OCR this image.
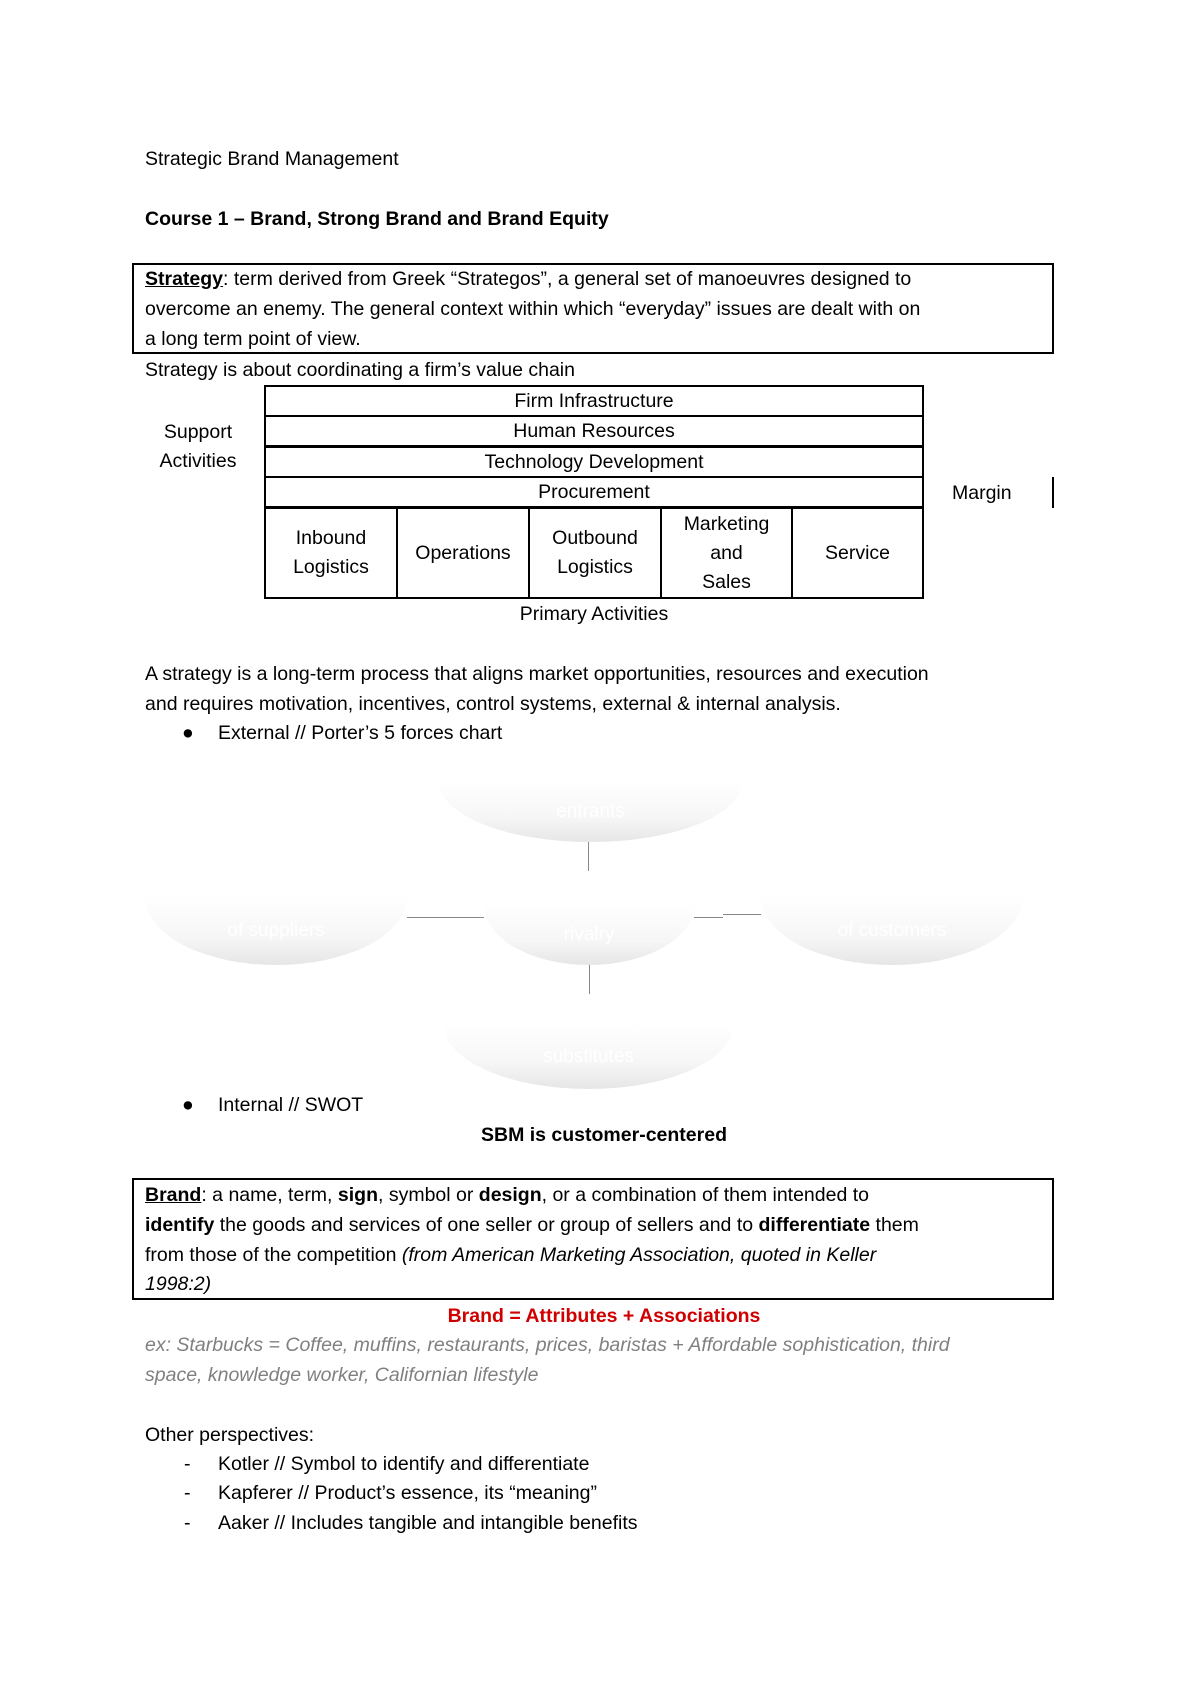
Strategic Brand Management
Course 1 – Brand, Strong Brand and Brand Equity
Strategy: term derived from Greek “Strategos”, a general set of manoeuvres designed to
overcome an enemy. The general context within which “everyday” issues are dealt with on
a long term point of view.
Strategy is about coordinating a firm’s value chain
Support
Activities
Firm Infrastructure
Human Resources
Technology Development
Procurement
Inbound
Logistics
Operations
Outbound
Logistics
Marketing
and
Sales
Service
Primary Activities
Margin
A strategy is a long-term process that aligns market opportunities, resources and execution
and requires motivation, incentives, control systems, external & internal analysis.
● External // Porter’s 5 forces chart
entrants
of suppliers	rivalry	of customers
substitutes
● Internal // SWOT
SBM is customer-centered
Brand: a name, term, sign, symbol or design, or a combination of them intended to
identify the goods and services of one seller or group of sellers and to differentiate them
from those of the competition (from American Marketing Association, quoted in Keller
1998:2)
Brand = Attributes + Associations
ex: Starbucks = Coffee, muffins, restaurants, prices, baristas + Affordable sophistication, third
space, knowledge worker, Californian lifestyle
Other perspectives:
- Kotler // Symbol to identify and differentiate
- Kapferer // Product’s essence, its “meaning”
- Aaker // Includes tangible and intangible benefits
